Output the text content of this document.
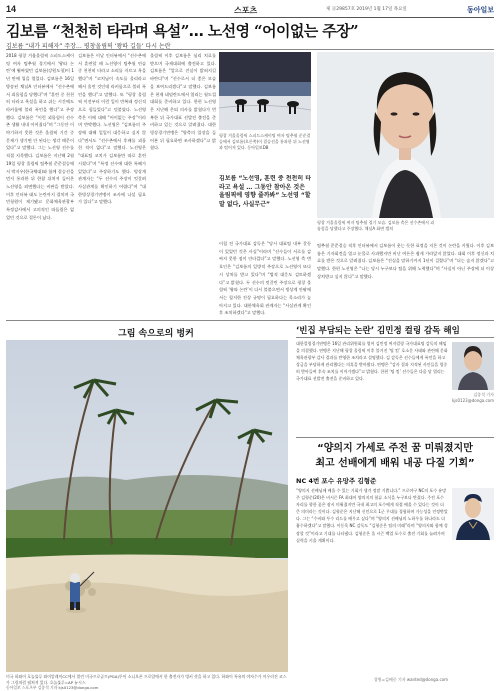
14	스포츠	제 ⓓ29857호 2019년 1월 17일 목요일	동아일보
김보름 “천천히 타라며 욕설”… 노선영 “어이없는 주장”
김보름 “내가 피해자” 주장… 평창올림픽 ‘왕따 길들’ 다시 논란
2018 평창 겨울올림픽 스피드스케이팅 여자 팀추월 경기에서 ‘왕따 논란’에 휩싸였던 김보름(강원도청)이 1년 만에 입을 열었다. 김보름은 16일 방송된 채널A 인터뷰에서 “선수촌에서 괴롭힘을 당했다”며 “훈련 중 천천히 타라고 욕설을 하고 쉬는 시간에도 라커룸에 불러 폭언을 했다”고 주장했다. 김보름은 “이런 괴롭힘이 선수촌 생활 내내 이어졌다”며 “그동안 이야기하지 못한 것은 올림픽 기간 중 문제가 생기면 안 된다는 생각 때문이었다”고 말했다. 그는 노선영 선수를 직접 지목했다. 김보름은 지난해 2월 19일 평창 올림픽 팀추월 준준결승에서 박지우(한국체대)와 함께 결승선을 먼저 통과한 뒤 한참 뒤처져 들어온 노선영을 외면했다는 비판을 받았다. 이후 인터뷰 태도 논란까지 겹치며 국민청원이 제기됐고 문화체육관광부 특정감사에서 고의적인 따돌림은 없었던 것으로 결론이 났다.
김보름은 이날 인터뷰에서 “선수촌에서 훈련할 때 노선영이 팀추월 연습 중 천천히 타라고 소리를 지르고 욕을 했다”며 “코치님이 속도를 올리라고 해서 올린 것인데 라커룸으로 불러 폭언을 했다”고 말했다. 또 “평창 올림픽 이전부터 이런 일이 반복돼 정신적으로 힘들었다”고 덧붙였다. 노선영 측은 이에 대해 “어이없는 주장”이라며 반박했다. 노선영은 “김보름의 주장에 대해 일일이 대응하고 싶지 않다”면서도 “선수촌에서 후배를 괴롭힌 적이 없다”고 말했다. 노선영은 “대표팀 코치가 김보름만 따로 훈련시켰다”며 “특정 선수에 대한 특혜가 있었다”고 주장하기도 했다. 빙상계 관계자는 “두 선수의 주장이 엇갈려 사실관계를 확인하기 어렵다”며 “대한빙상경기연맹이 조사에 나설 필요가 있다”고 말했다.
올림픽 이후 김보름은 심리 치료를 받으며 국제대회에 출전하고 있다. 김보름은 “앞으로 진실이 밝혀지길 바란다”며 “선수로서 더 좋은 모습을 보여드리겠다”고 말했다. 김보름은 현재 네덜란드에서 열리는 월드컵 대회를 준비하고 있다. 한편 노선영은 지난해 은퇴 의사를 밝혔다가 번복한 뒤 국가대표 선발전 출전을 준비하고 있는 것으로 알려졌다. 대한빙상경기연맹은 “양측의 입장을 들어본 뒤 필요하면 조사하겠다”고 밝혔다.
평창 겨울올림픽 스피드스케이팅 여자 팀추월 준준결승에서 김보름(오른쪽)이 결승선을 통과한 뒤 노선영과 떨어져 있다. 동아일보DB
김보름 “노선영, 훈련 중 천천히 타라고 욕설 … 그동안 참아온 것은 올림픽에 영향 줄까봐” 노선영 “할 말 없다, 사실무근”
이철 전 국가대표 감독은 “당시 대표팀 내부 갈등이 있었던 것은 사실”이라며 “선수들이 서로를 감싸지 못한 점이 안타깝다”고 말했다. 노선영 측 변호인은 “김보름의 일방적 주장으로 노선영이 또다시 상처를 받고 있다”며 “법적 대응도 검토하겠다”고 밝혔다. 두 선수의 엇갈린 주장으로 평창 올림픽 ‘왕따 논란’이 다시 불붙으면서 빙상계 안팎에서는 철저한 진상 규명이 필요하다는 목소리가 높아지고 있다. 대한체육회 관계자는 “사실관계 확인 후 조치하겠다”고 말했다.
평창 겨울올림픽 여자 팀추월 경기 모습. 김보름 측은 선수촌에서 괴롭힘을 당했다고 주장했다. 채널A 화면 캡처
팀추월 준준결승 직후 인터뷰에서 김보름이 웃는 듯한 표정을 지은 것이 논란을 키웠다. 이후 김보름은 기자회견을 열고 눈물로 사과했지만 비난 여론은 쉽게 가라앉지 않았다. 대회 이후 정신과 치료를 받은 것으로 알려졌다. 김보름은 “진실을 말하기까지 1년이 걸렸다”며 “더는 숨지 않겠다”고 말했다. 한편 노선영은 “나는 당시 누구보다 팀을 위해 노력했다”며 “사실이 아닌 주장에 더 이상 상처받고 싶지 않다”고 말했다.
그림 속으로의 벙커
미국 하와이 호놀룰루 와이알레이CC에서 열린 미국프로골프(PGA)투어 소니오픈 프로암에서 한 출전자가 벙커 샷을 하고 있다. 하와이 특유의 야자수가 어우러진 코스가 그림처럼 펼쳐져 있다. 호놀룰루=AP 뉴시스
‘빈집 부담되는 논란’ 김민정 컬링 감독 해임
대한컬링경기연맹은 16일 관리위원회를 열어 김민정 여자컬링 국가대표팀 감독의 해임을 의결했다. 연맹은 지난해 평창 올림픽 이후 불거진 ‘팀 킴’ 호소문 사태와 관련해 문화체육관광부 감사 결과를 반영한 조치라고 설명했다. 김 감독은 선수들에게 폭언을 하고 상금을 부당하게 관리했다는 의혹을 받아왔다. 연맹은 “감사 결과 지적된 사안들을 엄중히 받아들여 후속 조치를 이어가겠다”고 밝혔다. 한편 ‘팀 킴’ 선수들은 다음 달 열리는 국가대표 선발전 출전을 준비하고 있다.
김종석 기자 kjs0123@donga.com
“양의지 가세로 주전 꿈 미뤄졌지만
최고 선배에게 배워 내공 다질 기회”
NC 4번 포수 유망주 김형준
“양의지 선배님께 배울 수 있는 기회가 생겨 정말 기쁩니다.” 프로야구 NC의 포수 유망주 김형준(20)은 비시즌 FA 최대어 양의지의 합류 소식을 누구보다 반겼다. 주전 포수 자리를 향한 꿈은 잠시 미뤄졌지만 국내 최고의 포수에게 직접 배울 수 있다는 것이 더 큰 의미라는 것이다. 김형준은 지난해 신인으로 1군 무대를 경험하며 가능성을 인정받았다. 그는 “수비와 투수 리드를 배우고 싶다”며 “양의지 선배님의 노하우를 하나라도 더 흡수하겠다”고 말했다. 이동욱 NC 감독도 “김형준은 팀의 미래”라며 “양의지와 함께 성장할 것”이라고 기대를 나타냈다. 김형준은 올 시즌 백업 포수로 출전 기회를 늘려가며 실력을 키울 계획이다.
창원=김배중 기자 wanted@donga.com
동아일보 스포츠부 김종석 기자 kjs0123@donga.com
